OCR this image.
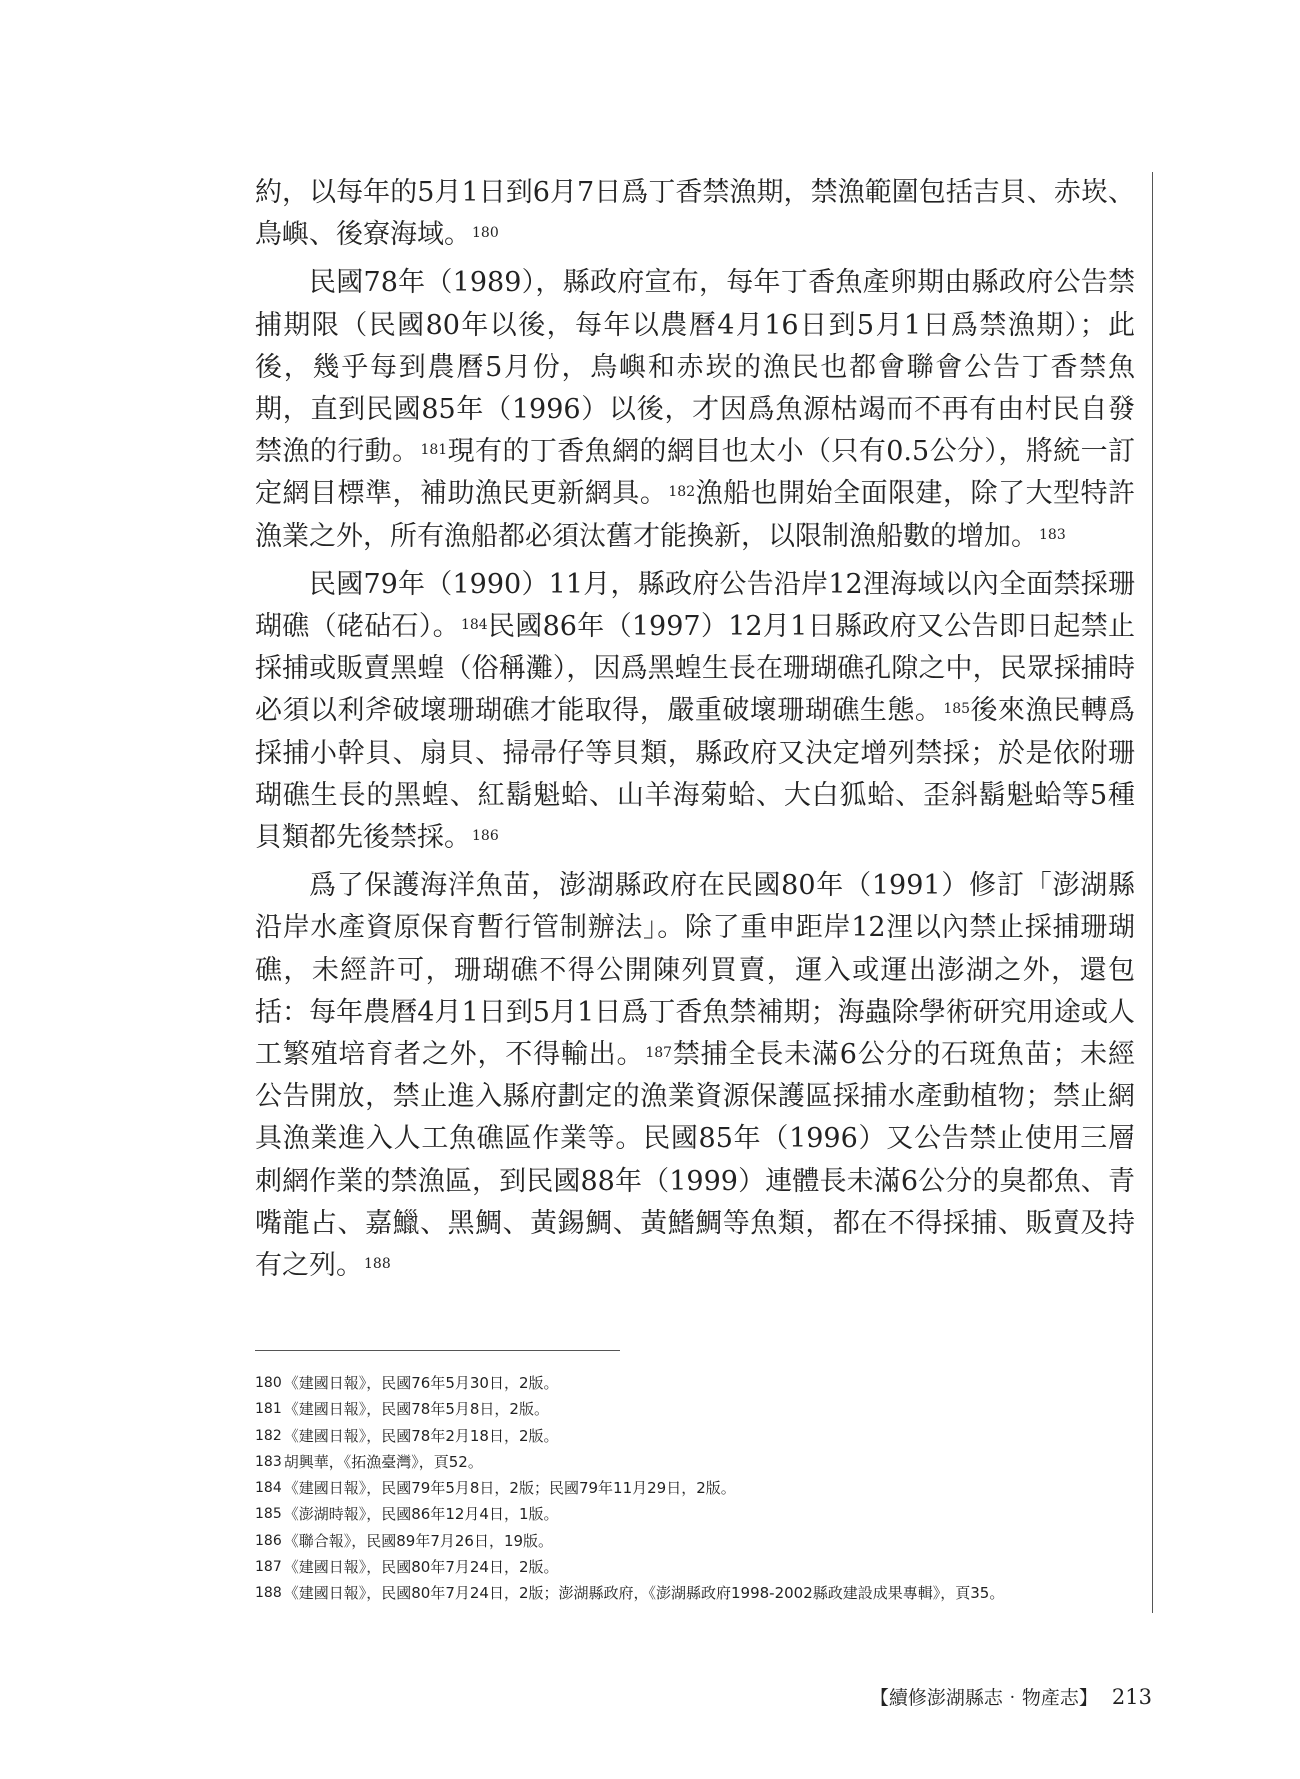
約，以每年的5月1日到6月7日爲丁香禁漁期，禁漁範圍包括吉貝、赤崁、鳥嶼、後寮海域。$^{180}$

民國78年（1989），縣政府宣布，每年丁香魚產卵期由縣政府公告禁捕期限（民國80年以後，每年以農曆4月16日到5月1日爲禁漁期）；此後，幾乎每到農曆5月份，鳥嶼和赤崁的漁民也都會聯會公告丁香禁魚期，直到民國85年（1996）以後，才因爲魚源枯竭而不再有由村民自發禁漁的行動。$^{181}$現有的丁香魚網的網目也太小（只有0.5公分），將統一訂定網目標準，補助漁民更新網具。$^{182}$漁船也開始全面限建，除了大型特許漁業之外，所有漁船都必須汰舊才能換新，以限制漁船數的增加。$^{183}$

民國79年（1990）11月，縣政府公告沿岸12浬海域以內全面禁採珊瑚礁（硓砧石）。$^{184}$民國86年（1997）12月1日縣政府又公告即日起禁止採捕或販賣黑蝗（俗稱灘），因爲黑蝗生長在珊瑚礁孔隙之中，民眾採捕時必須以利斧破壞珊瑚礁才能取得，嚴重破壞珊瑚礁生態。$^{185}$後來漁民轉爲採捕小幹貝、扇貝、掃帚仔等貝類，縣政府又決定增列禁採；於是依附珊瑚礁生長的黑蝗、紅鬍魁蛤、山羊海菊蛤、大白狐蛤、歪斜鬍魁蛤等5種貝類都先後禁採。$^{186}$

爲了保護海洋魚苗，澎湖縣政府在民國80年（1991）修訂「澎湖縣沿岸水產資原保育暫行管制辦法」。除了重申距岸12浬以內禁止採捕珊瑚礁，未經許可，珊瑚礁不得公開陳列買賣，運入或運出澎湖之外，還包括：每年農曆4月1日到5月1日爲丁香魚禁補期；海蟲除學術研究用途或人工繁殖培育者之外，不得輸出。$^{187}$禁捕全長未滿6公分的石斑魚苗；未經公告開放，禁止進入縣府劃定的漁業資源保護區採捕水產動植物；禁止網具漁業進入人工魚礁區作業等。民國85年（1996）又公告禁止使用三層刺網作業的禁漁區，到民國88年（1999）連體長未滿6公分的臭都魚、青嘴龍占、嘉鱲、黑鯛、黃錫鯛、黃鰭鯛等魚類，都在不得採捕、販賣及持有之列。$^{188}$

180 《建國日報》，民國76年5月30日，2版。
181 《建國日報》，民國78年5月8日，2版。
182 《建國日報》，民國78年2月18日，2版。
183 胡興華，《拓漁臺灣》，頁52。
184 《建國日報》，民國79年5月8日，2版；民國79年11月29日，2版。
185 《澎湖時報》，民國86年12月4日，1版。
186 《聯合報》，民國89年7月26日，19版。
187 《建國日報》，民國80年7月24日，2版。
188 《建國日報》，民國80年7月24日，2版；澎湖縣政府，《澎湖縣政府1998-2002縣政建設成果專輯》，頁35。
【續修澎湖縣志‧物產志】 213
